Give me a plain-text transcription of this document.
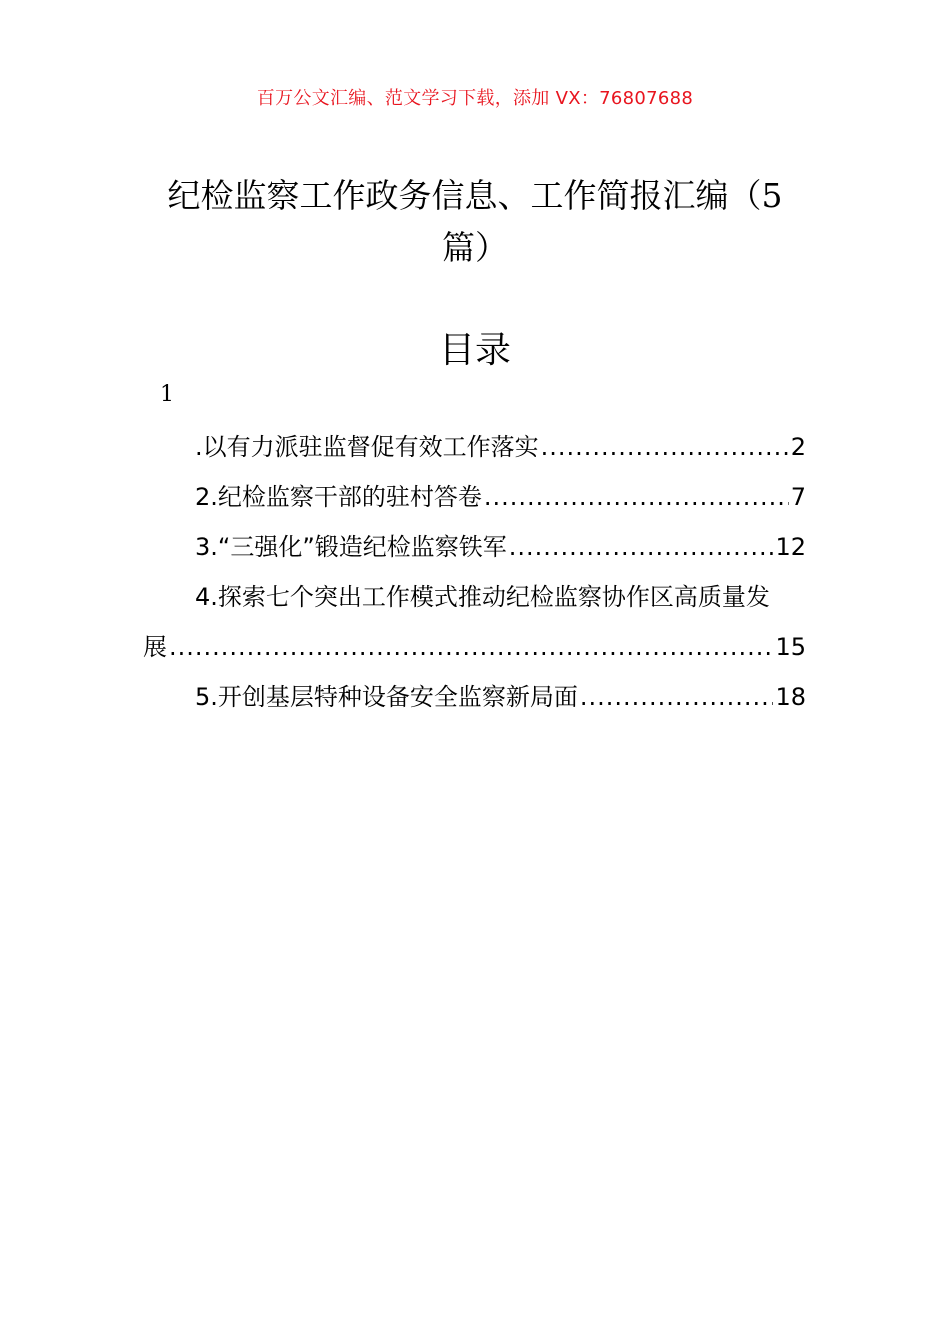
百万公文汇编、范文学习下载，添加 VX：76807688
纪检监察工作政务信息、工作简报汇编（5
篇）
目录
1
.以有力派驻监督促有效工作落实 .....	2
2.纪检监察干部的驻村答卷 .....	7
3.“三强化”锻造纪检监察铁军 .....	12
4.探索七个突出工作模式推动纪检监察协作区高质量发
展 .....	15
5.开创基层特种设备安全监察新局面 .....	18
